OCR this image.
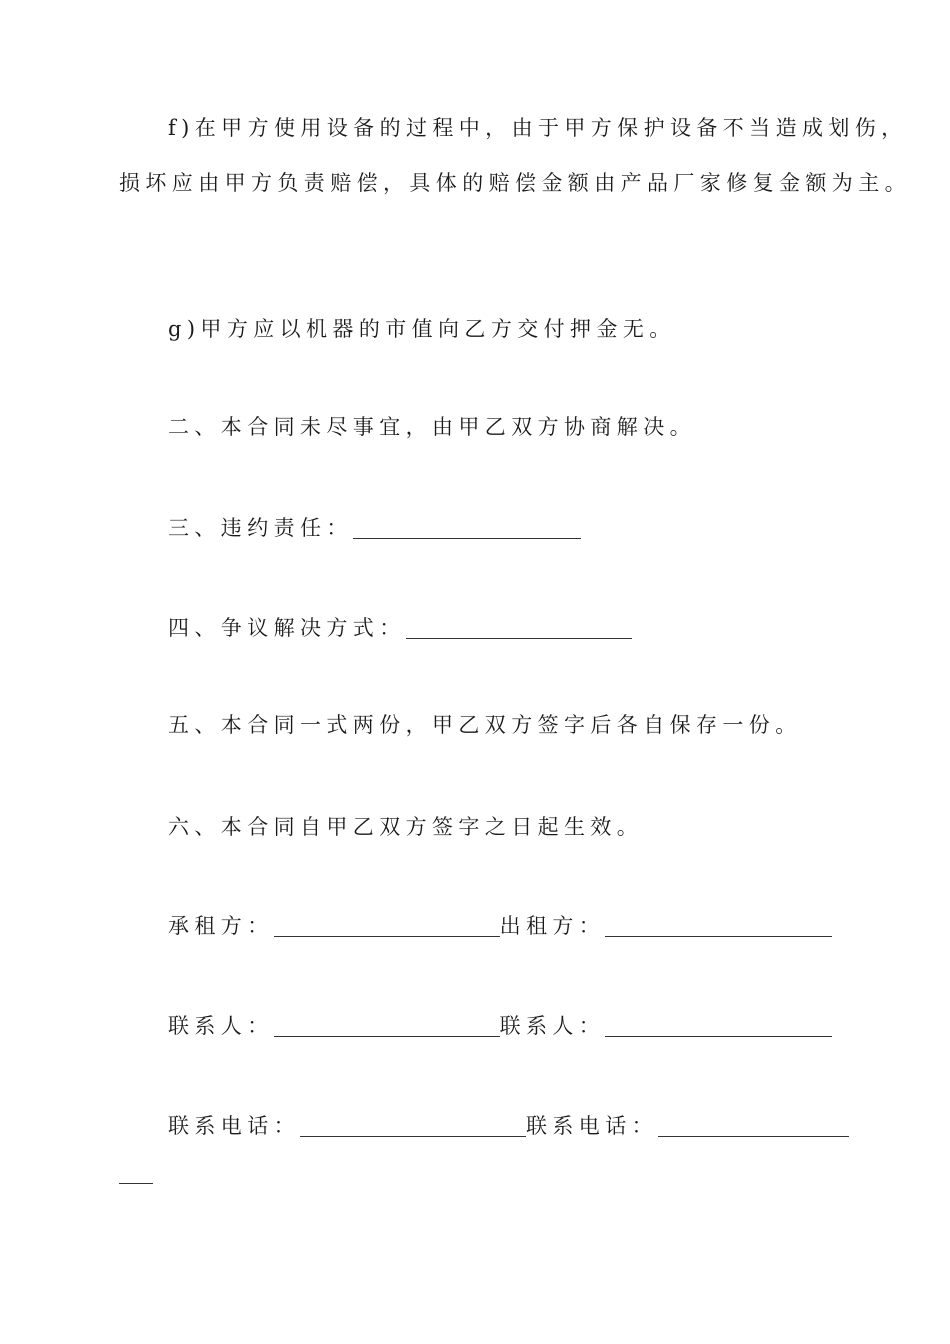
f)在甲方使用设备的过程中，由于甲方保护设备不当造成划伤，
损坏应由甲方负责赔偿，具体的赔偿金额由产品厂家修复金额为主。
g)甲方应以机器的市值向乙方交付押金无。
二、本合同未尽事宜，由甲乙双方协商解决。
三、违约责任：
四、争议解决方式：
五、本合同一式两份，甲乙双方签字后各自保存一份。
六、本合同自甲乙双方签字之日起生效。
承租方：	出租方：
联系人：	联系人：
联系电话：	联系电话：
